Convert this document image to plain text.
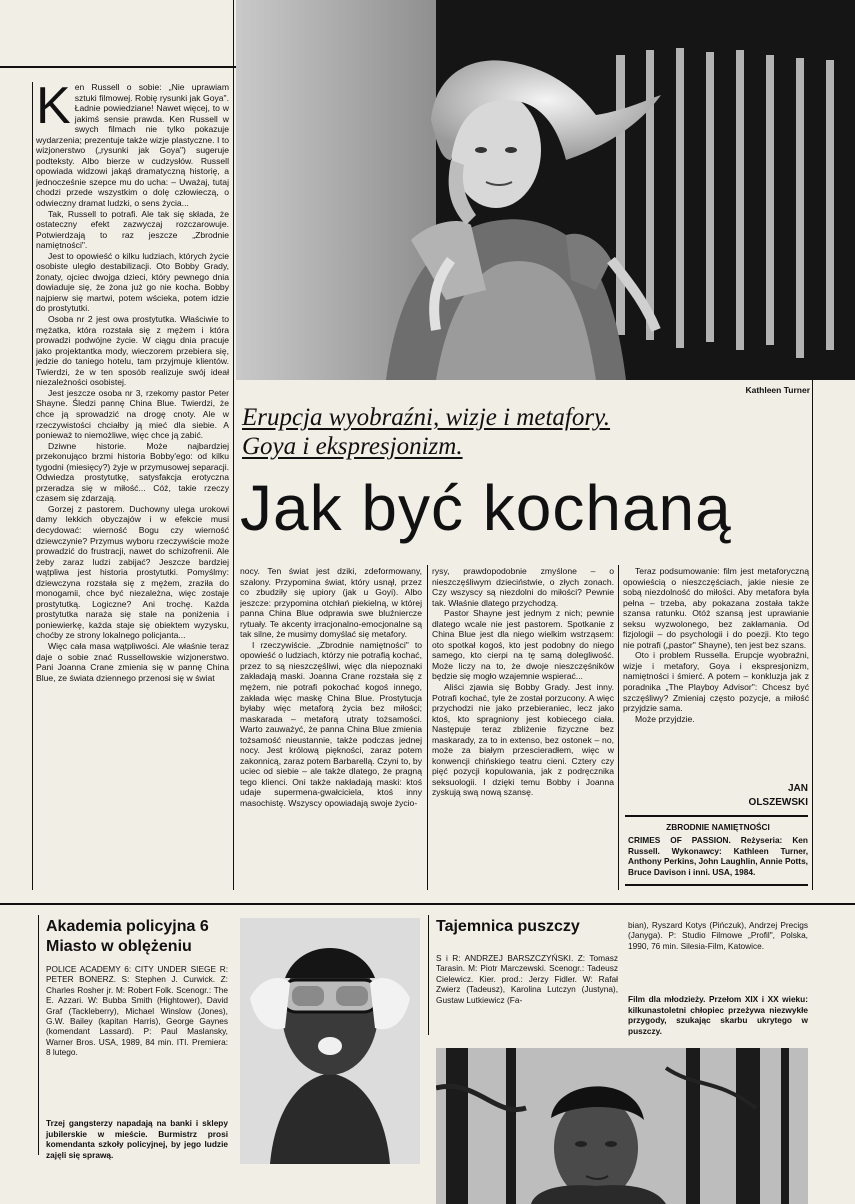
Ken Russell o sobie: „Nie uprawiam sztuki filmowej. Robię rysunki jak Goya". Ładnie powiedziane! Nawet więcej, to w jakimś sensie prawda. Ken Russell w swych filmach nie tylko pokazuje wydarzenia; prezentuje także wizje plastyczne. I to wizjonerstwo („rysunki jak Goya") sugeruje podteksty. Albo bierze w cudzysłów. Russell opowiada widzowi jakąś dramatyczną historię, a jednocześnie szepce mu do ucha: – Uważaj, tutaj chodzi przede wszystkim o dolę człowieczą, o odwieczny dramat ludzki, o sens życia...

Tak, Russell to potrafi. Ale tak się składa, że ostateczny efekt zazwyczaj rozczarowuje. Potwierdzają to raz jeszcze „Zbrodnie namiętności".

Jest to opowieść o kilku ludziach, których życie osobiste uległo destabilizacji. Oto Bobby Grady, żonaty, ojciec dwojga dzieci, który pewnego dnia dowiaduje się, że żona już go nie kocha. Bobby najpierw się martwi, potem wścieka, potem idzie do prostytutki.

Osoba nr 2 jest owa prostytutka. Właściwie to mężatka, która rozstała się z mężem i która prowadzi podwójne życie. W ciągu dnia pracuje jako projektantka mody, wieczorem przebiera się, jedzie do taniego hotelu, tam przyjmuje klientów. Twierdzi, że w ten sposób realizuje swój ideał niezależności osobistej.

Jest jeszcze osoba nr 3, rzekomy pastor Peter Shayne. Śledzi pannę China Blue. Twierdzi, że chce ją sprowadzić na drogę cnoty. Ale w rzeczywistości chciałby ją mieć dla siebie. A ponieważ to niemożliwe, więc chce ją zabić.

Dziwne historie. Może najbardziej przekonująco brzmi historia Bobby'ego: od kilku tygodni (miesięcy?) żyje w przymusowej separacji. Odwiedza prostytutkę, satysfakcja erotyczna przeradza się w miłość... Cóż, takie rzeczy czasem się zdarzają.

Gorzej z pastorem. Duchowny ulega urokowi damy lekkich obyczajów i w efekcie musi decydować: wierność Bogu czy wierność dziewczynie? Przymus wyboru rzeczywiście może prowadzić do frustracji, nawet do schizofrenii. Ale żeby zaraz ludzi zabijać? Jeszcze bardziej wątpliwa jest historia prostytutki. Pomyślmy: dziewczyna rozstała się z mężem, zraziła do monogamii, chce być niezależna, więc zostaje prostytutką. Logiczne? Ani trochę. Każda prostytutka naraża się stale na poniżenia i poniewierkę, każda staje się obiektem wyzysku, choćby ze strony lokalnego policjanta...

Więc cała masa wątpliwości. Ale właśnie teraz daje o sobie znać Russellowskie wizjonerstwo. Pani Joanna Crane zmienia się w pannę China Blue, ze świata dziennego przenosi się w świat

Kathleen Turner
Erupcja wyobraźni, wizje i metafory.
Goya i ekspresjonizm.
Jak być kochaną

nocy. Ten świat jest dziki, zdeformowany, szalony. Przypomina świat, który usnął, przez co zbudziły się upiory (jak u Goyi). Albo jeszcze: przypomina otchłań piekielną, w której panna China Blue odprawia swe bluźniercze rytuały. Te akcenty irracjonalno-emocjonalne są tak silne, że musimy domyślać się metafory.

I rzeczywiście. „Zbrodnie namiętności" to opowieść o ludziach, którzy nie potrafią kochać, przez to są nieszczęśliwi, więc dla niepoznaki zakładają maski. Joanna Crane rozstała się z mężem, nie potrafi pokochać kogoś innego, zakłada więc maskę China Blue. Prostytucja byłaby więc metaforą życia bez miłości; maskarada – metaforą utraty tożsamości. Warto zauważyć, że panna China Blue zmienia tożsamość nieustannie, także podczas jednej nocy. Jest królową piękności, zaraz potem zakonnicą, zaraz potem Barbarellą. Czyni to, by uciec od siebie – ale także dlatego, że pragną tego klienci. Oni także nakładają maski: ktoś udaje supermena-gwałciciela, ktoś inny masochistę. Wszyscy opowiadają swoje życio-

rysy, prawdopodobnie zmyślone – o nieszczęśliwym dzieciństwie, o złych zonach. Czy wszyscy są niezdolni do miłości? Pewnie tak. Właśnie dlatego przychodzą.

Pastor Shayne jest jednym z nich; pewnie dlatego wcale nie jest pastorem. Spotkanie z China Blue jest dla niego wielkim wstrząsem: oto spotkał kogoś, kto jest podobny do niego samego, kto cierpi na tę samą dolegliwość. Może liczy na to, że dwoje nieszczęśników będzie się mogło wzajemnie wspierać...

Aliści zjawia się Bobby Grady. Jest inny. Potrafi kochać, tyle że został porzucony. A więc przychodzi nie jako przebieraniec, lecz jako ktoś, kto spragniony jest kobiecego ciała. Następuje teraz zbliżenie fizyczne bez maskarady, za to in extenso, bez ostonek – no, może za białym przescieradłem, więc w konwencji chińskiego teatru cieni. Cztery czy pięć pozycji kopulowania, jak z podręcznika seksuologii. I dzięki temu Bobby i Joanna zyskują swą nową szansę.

Teraz podsumowanie: film jest metaforyczną opowieścią o nieszczęściach, jakie niesie ze sobą niezdolność do miłości. Aby metafora była pełna – trzeba, aby pokazana została także szansa ratunku. Otóż szansą jest uprawianie seksu wyzwolonego, bez zakłamania. Od fizjologii – do psychologii i do poezji. Kto tego nie potrafi („pastor" Shayne), ten jest bez szans.

Oto i problem Russella. Erupcje wyobraźni, wizje i metafory, Goya i ekspresjonizm, namiętności i śmierć. A potem – konkluzja jak z poradnika „The Playboy Advisor": Chcesz być szczęśliwy? Zmieniaj często pozycje, a miłość przyjdzie sama.

Może przyjdzie.

JAN
OLSZEWSKI
ZBRODNIE NAMIĘTNOŚCI
CRIMES OF PASSION. Reżyseria: Ken Russell. Wykonawcy: Kathleen Turner, Anthony Perkins, John Laughlin, Annie Potts, Bruce Davison i inni. USA, 1984.
Akademia policyjna 6
Miasto w oblężeniu
POLICE ACADEMY 6: CITY UNDER SIEGE R: PETER BONERZ. S: Stephen J. Curwick. Z: Charles Rosher jr. M: Robert Folk. Scenogr.: The E. Azzari. W: Bubba Smith (Hightower), David Graf (Tackleberry), Michael Winslow (Jones), G.W. Bailey (kapitan Harris), George Gaynes (komendant Lassard). P: Paul Maslansky, Warner Bros. USA, 1989, 84 min. ITI. Premiera: 8 lutego.
Trzej gangsterzy napadają na banki i sklepy jubilerskie w mieście. Burmistrz prosi komendanta szkoły policyjnej, by jego ludzie zajęli się sprawą.
Tajemnica puszczy
S i R: ANDRZEJ BARSZCZYŃSKI. Z: Tomasz Tarasin. M: Piotr Marczewski. Scenogr.: Tadeusz Cielewicz. Kier. prod.: Jerzy Fidler. W: Rafał Zwierz (Tadeusz), Karolina Lutczyn (Justyna), Gustaw Lutkiewicz (Fa-
bian), Ryszard Kotys (Pińczuk), Andrzej Precigs (Janyga). P: Studio Filmowe „Profil", Polska, 1990, 76 min. Silesia-Film, Katowice.
Film dla młodzieży. Przełom XIX i XX wieku: kilkunastoletni chłopiec przeżywa niezwykłe przygody, szukając skarbu ukrytego w puszczy.
